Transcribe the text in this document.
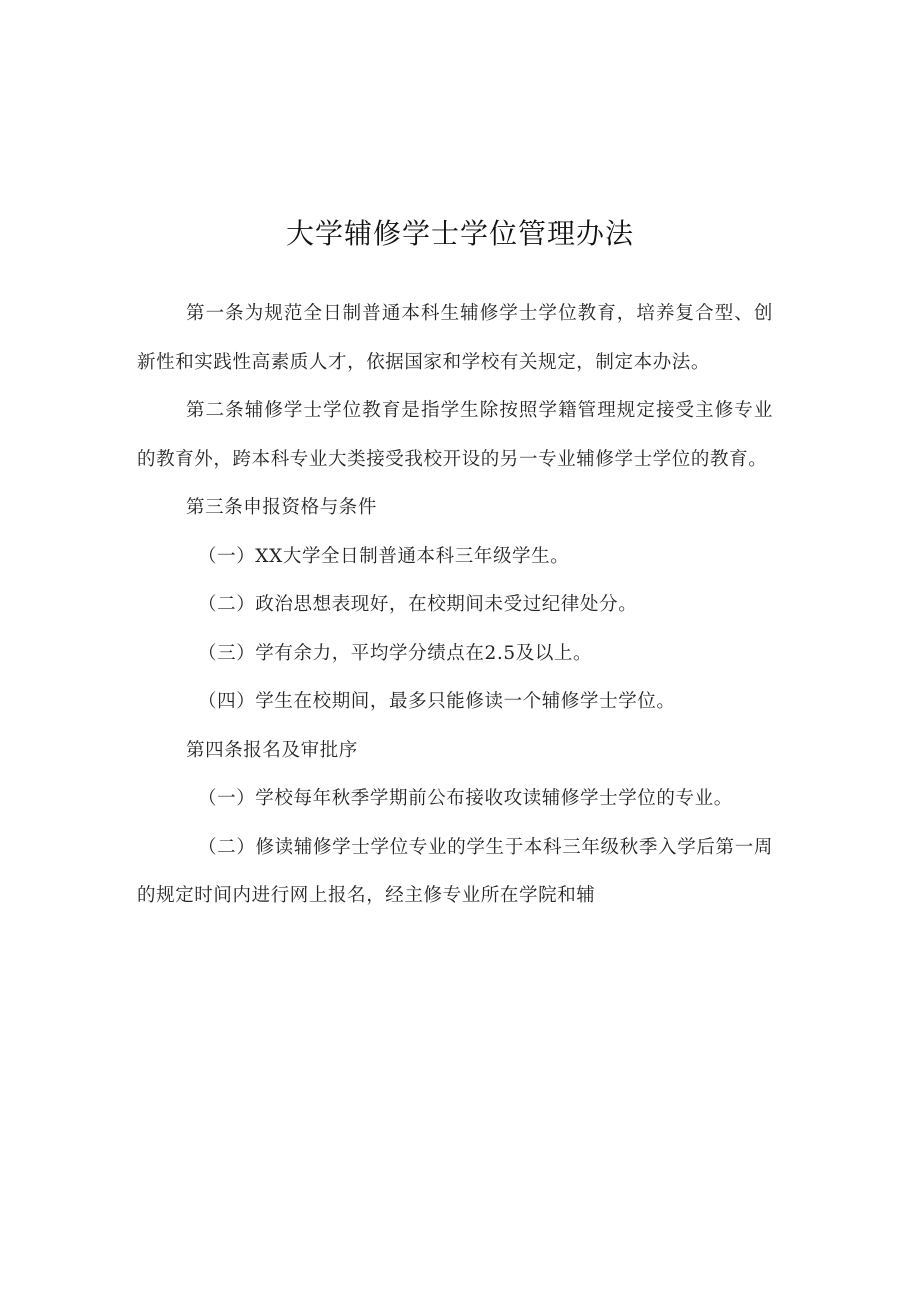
大学辅修学士学位管理办法

第一条为规范全日制普通本科生辅修学士学位教育，培养复合型、创新性和实践性高素质人才，依据国家和学校有关规定，制定本办法。

第二条辅修学士学位教育是指学生除按照学籍管理规定接受主修专业的教育外，跨本科专业大类接受我校开设的另一专业辅修学士学位的教育。

第三条申报资格与条件

（一）XX大学全日制普通本科三年级学生。

（二）政治思想表现好，在校期间未受过纪律处分。

（三）学有余力，平均学分绩点在2.5及以上。

（四）学生在校期间，最多只能修读一个辅修学士学位。

第四条报名及审批序

（一）学校每年秋季学期前公布接收攻读辅修学士学位的专业。

（二）修读辅修学士学位专业的学生于本科三年级秋季入学后第一周的规定时间内进行网上报名，经主修专业所在学院和辅
